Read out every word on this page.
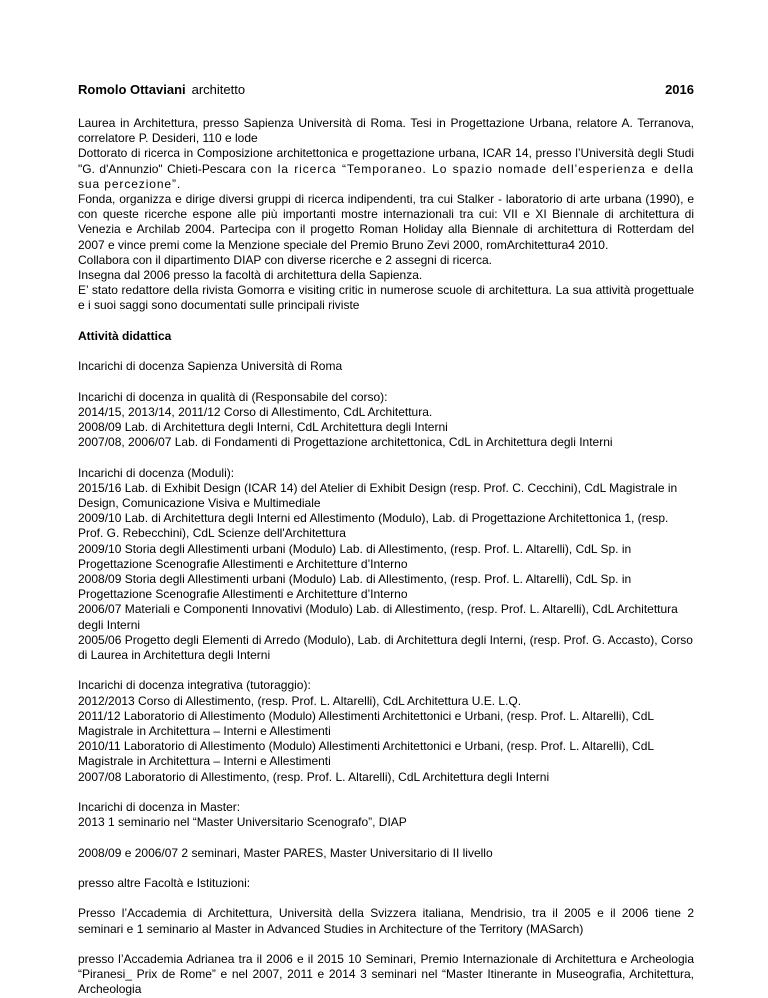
Romolo Ottaviani architetto	2016

Laurea in Architettura, presso Sapienza Università di Roma. Tesi in Progettazione Urbana, relatore A. Terranova, correlatore P. Desideri, 110 e lode

Dottorato di ricerca in Composizione architettonica e progettazione urbana, ICAR 14, presso l’Università degli Studi "G. d'Annunzio" Chieti-Pescara con la ricerca “Temporaneo. Lo spazio nomade dell’esperienza e della sua percezione”.

Fonda, organizza e dirige diversi gruppi di ricerca indipendenti, tra cui Stalker - laboratorio di arte urbana (1990), e con queste ricerche espone alle più importanti mostre internazionali tra cui: VII e XI Biennale di architettura di Venezia e Archilab 2004. Partecipa con il progetto Roman Holiday alla Biennale di architettura di Rotterdam del 2007 e vince premi come la Menzione speciale del Premio Bruno Zevi 2000, romArchitettura4 2010.

Collabora con il dipartimento DIAP con diverse ricerche e 2 assegni di ricerca.

Insegna dal 2006 presso la facoltà di architettura della Sapienza.

E’ stato redattore della rivista Gomorra e visiting critic in numerose scuole di architettura. La sua attività progettuale e i suoi saggi sono documentati sulle principali riviste

Attività didattica

Incarichi di docenza Sapienza Università di Roma

Incarichi di docenza in qualità di (Responsabile del corso):

2014/15, 2013/14, 2011/12 Corso di Allestimento, CdL Architettura.

2008/09 Lab. di Architettura degli Interni, CdL Architettura degli Interni

2007/08, 2006/07 Lab. di Fondamenti di Progettazione architettonica, CdL in Architettura degli Interni

Incarichi di docenza (Moduli):

2015/16 Lab. di Exhibit Design (ICAR 14) del Atelier di Exhibit Design (resp. Prof. C. Cecchini), CdL Magistrale in Design, Comunicazione Visiva e Multimediale

2009/10 Lab. di Architettura degli Interni ed Allestimento (Modulo), Lab. di Progettazione Architettonica 1, (resp. Prof. G. Rebecchini), CdL Scienze dell'Architettura

2009/10 Storia degli Allestimenti urbani (Modulo) Lab. di Allestimento, (resp. Prof. L. Altarelli), CdL Sp. in Progettazione Scenografie Allestimenti e Architetture d’Interno

2008/09 Storia degli Allestimenti urbani (Modulo) Lab. di Allestimento, (resp. Prof. L. Altarelli), CdL Sp. in Progettazione Scenografie Allestimenti e Architetture d’Interno

2006/07 Materiali e Componenti Innovativi (Modulo) Lab. di Allestimento, (resp. Prof. L. Altarelli), CdL Architettura degli Interni

2005/06 Progetto degli Elementi di Arredo (Modulo), Lab. di Architettura degli Interni, (resp. Prof. G. Accasto), Corso di Laurea in Architettura degli Interni

Incarichi di docenza integrativa (tutoraggio):

2012/2013 Corso di Allestimento, (resp. Prof. L. Altarelli), CdL Architettura U.E. L.Q.

2011/12 Laboratorio di Allestimento (Modulo) Allestimenti Architettonici e Urbani, (resp. Prof. L. Altarelli), CdL Magistrale in Architettura – Interni e Allestimenti

2010/11 Laboratorio di Allestimento (Modulo) Allestimenti Architettonici e Urbani, (resp. Prof. L. Altarelli), CdL Magistrale in Architettura – Interni e Allestimenti

2007/08 Laboratorio di Allestimento, (resp. Prof. L. Altarelli), CdL Architettura degli Interni

Incarichi di docenza in Master:

2013 1 seminario nel “Master Universitario Scenografo”, DIAP

2008/09 e 2006/07 2 seminari, Master PARES, Master Universitario di II livello

presso altre Facoltà e Istituzioni:

Presso l’Accademia di Architettura, Università della Svizzera italiana, Mendrisio, tra il 2005 e il 2006 tiene 2 seminari e 1 seminario al Master in Advanced Studies in Architecture of the Territory (MASarch)

presso l’Accademia Adrianea tra il 2006 e il 2015 10 Seminari, Premio Internazionale di Architettura e Archeologia “Piranesi_ Prix de Rome” e nel 2007, 2011 e 2014 3 seminari nel “Master Itinerante in Museografia, Architettura, Archeologia
